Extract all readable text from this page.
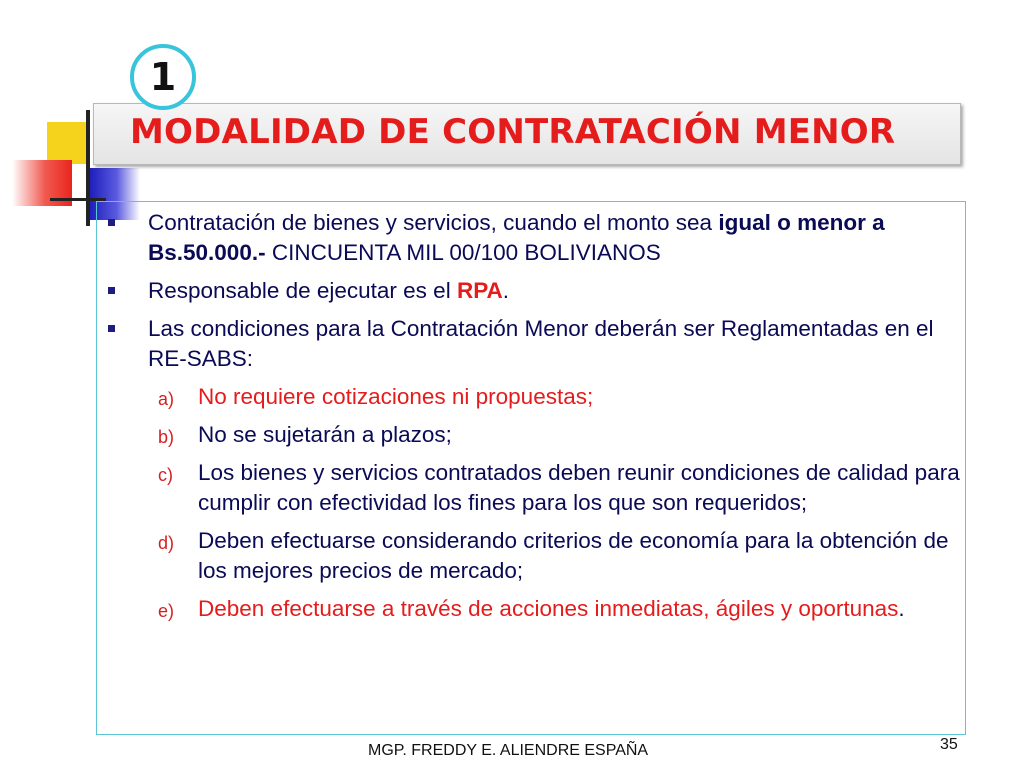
MODALIDAD DE CONTRATACIÓN MENOR
1
Contratación de bienes y servicios, cuando el monto sea igual o menor a Bs.50.000.- CINCUENTA MIL 00/100 BOLIVIANOS
Responsable de ejecutar es el RPA.
Las condiciones para la Contratación Menor deberán ser Reglamentadas en el RE-SABS:
a) No requiere cotizaciones ni propuestas;
b) No se sujetarán a plazos;
c) Los bienes y servicios contratados deben reunir condiciones de calidad para cumplir con efectividad los fines para los que son requeridos;
d) Deben efectuarse considerando criterios de economía para la obtención de los mejores precios de mercado;
e) Deben efectuarse a través de acciones inmediatas, ágiles y oportunas.
MGP. FREDDY E. ALIENDRE ESPAÑA	35
